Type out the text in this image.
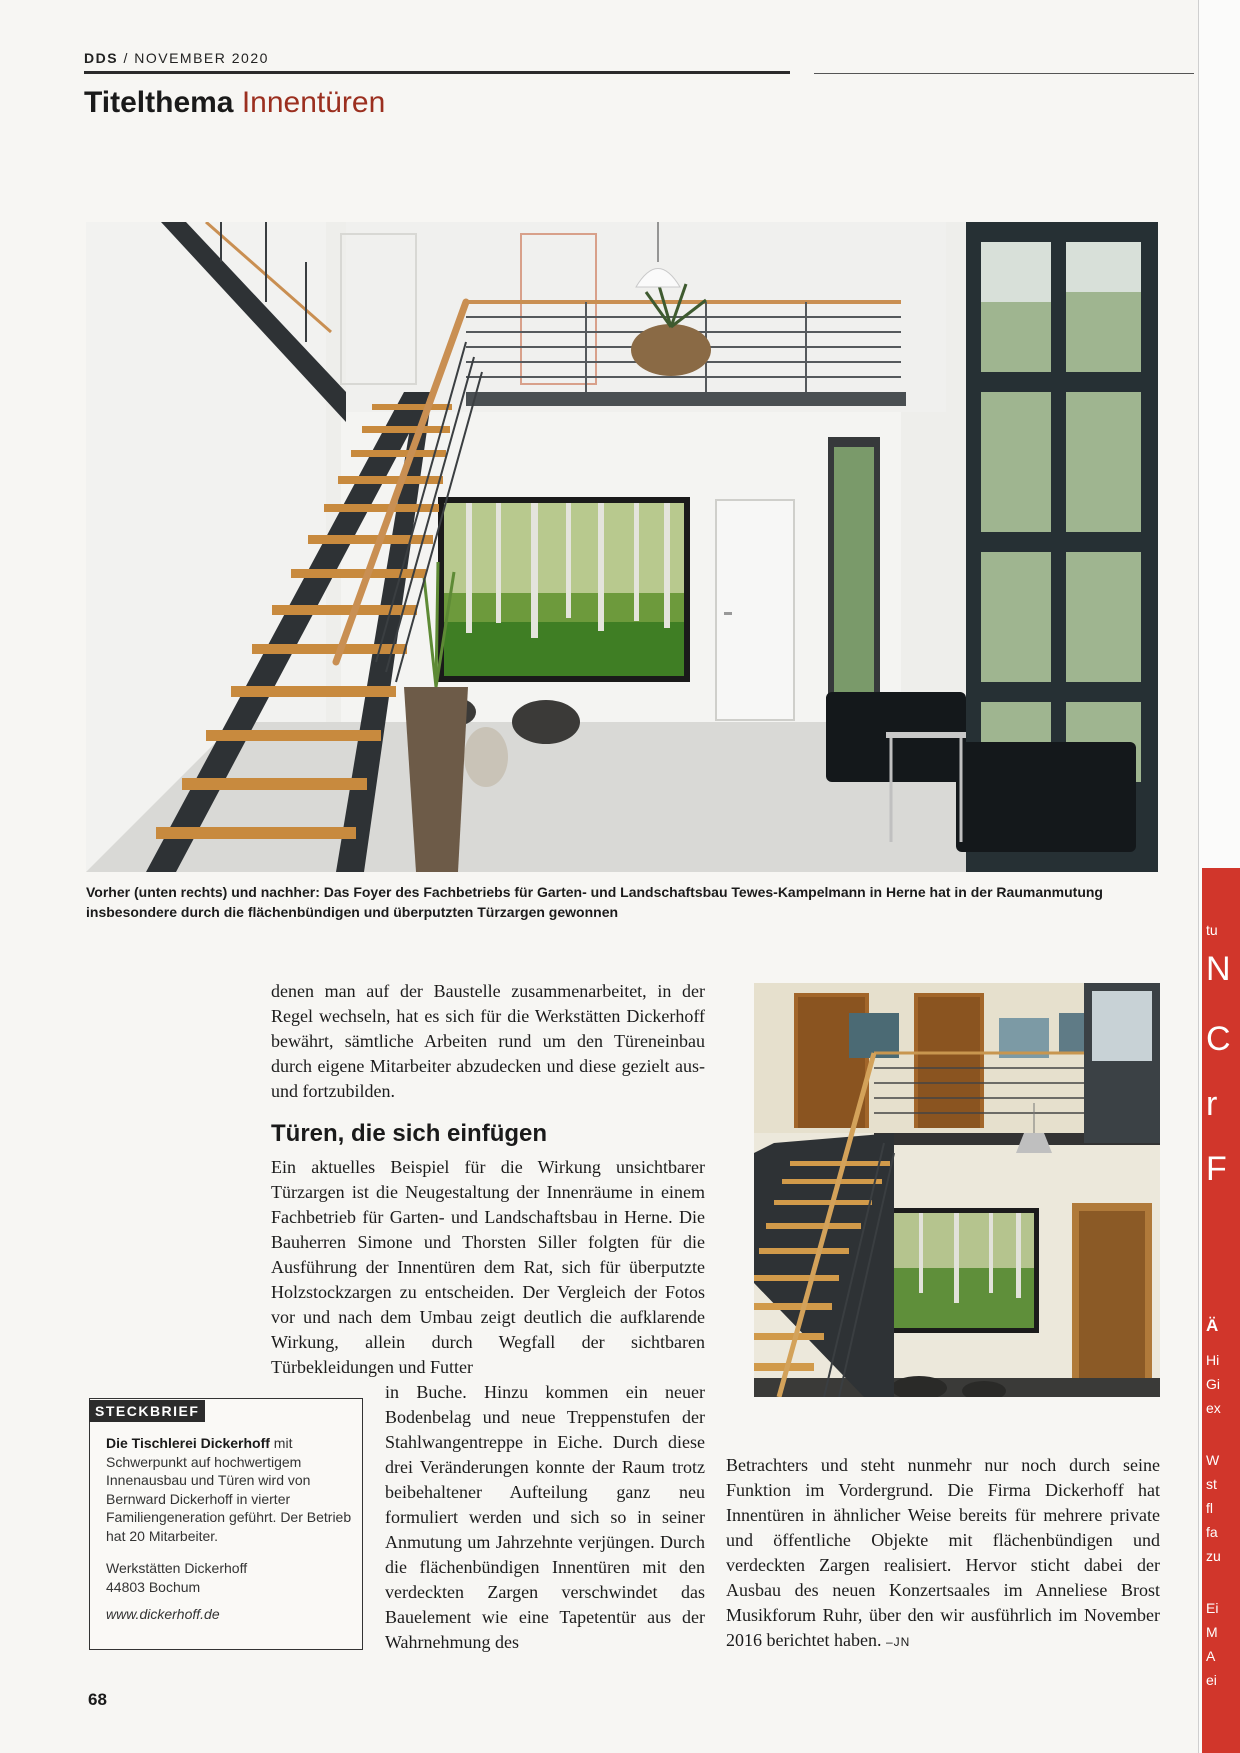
DDS / NOVEMBER 2020
Titelthema Innentüren
Vorher (unten rechts) und nachher: Das Foyer des Fachbetriebs für Garten- und Landschaftsbau Tewes-Kampelmann in Herne hat in der Raumanmutung insbesondere durch die flächenbündigen und überputzten Türzargen gewonnen
denen man auf der Baustelle zusammenarbeitet, in der Regel wechseln, hat es sich für die Werkstätten Dickerhoff bewährt, sämtliche Arbeiten rund um den Türeneinbau durch eigene Mitarbeiter abzudecken und diese gezielt aus- und fortzubilden.
Türen, die sich einfügen
Ein aktuelles Beispiel für die Wirkung unsichtbarer Türzargen ist die Neugestaltung der Innenräume in einem Fachbetrieb für Garten- und Landschaftsbau in Herne. Die Bauherren Simone und Thorsten Siller folgten für die Ausführung der Innentüren dem Rat, sich für überputzte Holzstockzargen zu entscheiden. Der Vergleich der Fotos vor und nach dem Umbau zeigt deutlich die aufklarende Wirkung, allein durch Wegfall der sichtbaren Türbekleidungen und Futter
in Buche. Hinzu kommen ein neuer Bodenbelag und neue Treppenstufen der Stahlwangentreppe in Eiche. Durch diese drei Veränderungen konnte der Raum trotz beibehaltener Aufteilung ganz neu formuliert werden und sich so in seiner Anmutung um Jahrzehnte verjüngen. Durch die flächenbündigen Innentüren mit den verdeckten Zargen verschwindet das Bauelement wie eine Tapetentür aus der Wahrnehmung des
Betrachters und steht nunmehr nur noch durch seine Funktion im Vordergrund. Die Firma Dickerhoff hat Innentüren in ähnlicher Weise bereits für mehrere private und öffentliche Objekte mit flächenbündigen und verdeckten Zargen realisiert. Hervor sticht dabei der Ausbau des neuen Konzertsaales im Anneliese Brost Musikforum Ruhr, über den wir ausführlich im November 2016 berichtet haben. –JN
STECKBRIEF
Die Tischlerei Dickerhoff mit Schwerpunkt auf hochwertigem Innenausbau und Türen wird von Bernward Dickerhoff in vierter Familiengeneration geführt. Der Betrieb hat 20 Mitarbeiter.
Werkstätten Dickerhoff
44803 Bochum
www.dickerhoff.de
68
tu
N
C
r
F
Ä
Hi
Gi
ex
W
st
fl
fa
zu
Ei
M
A
ei
